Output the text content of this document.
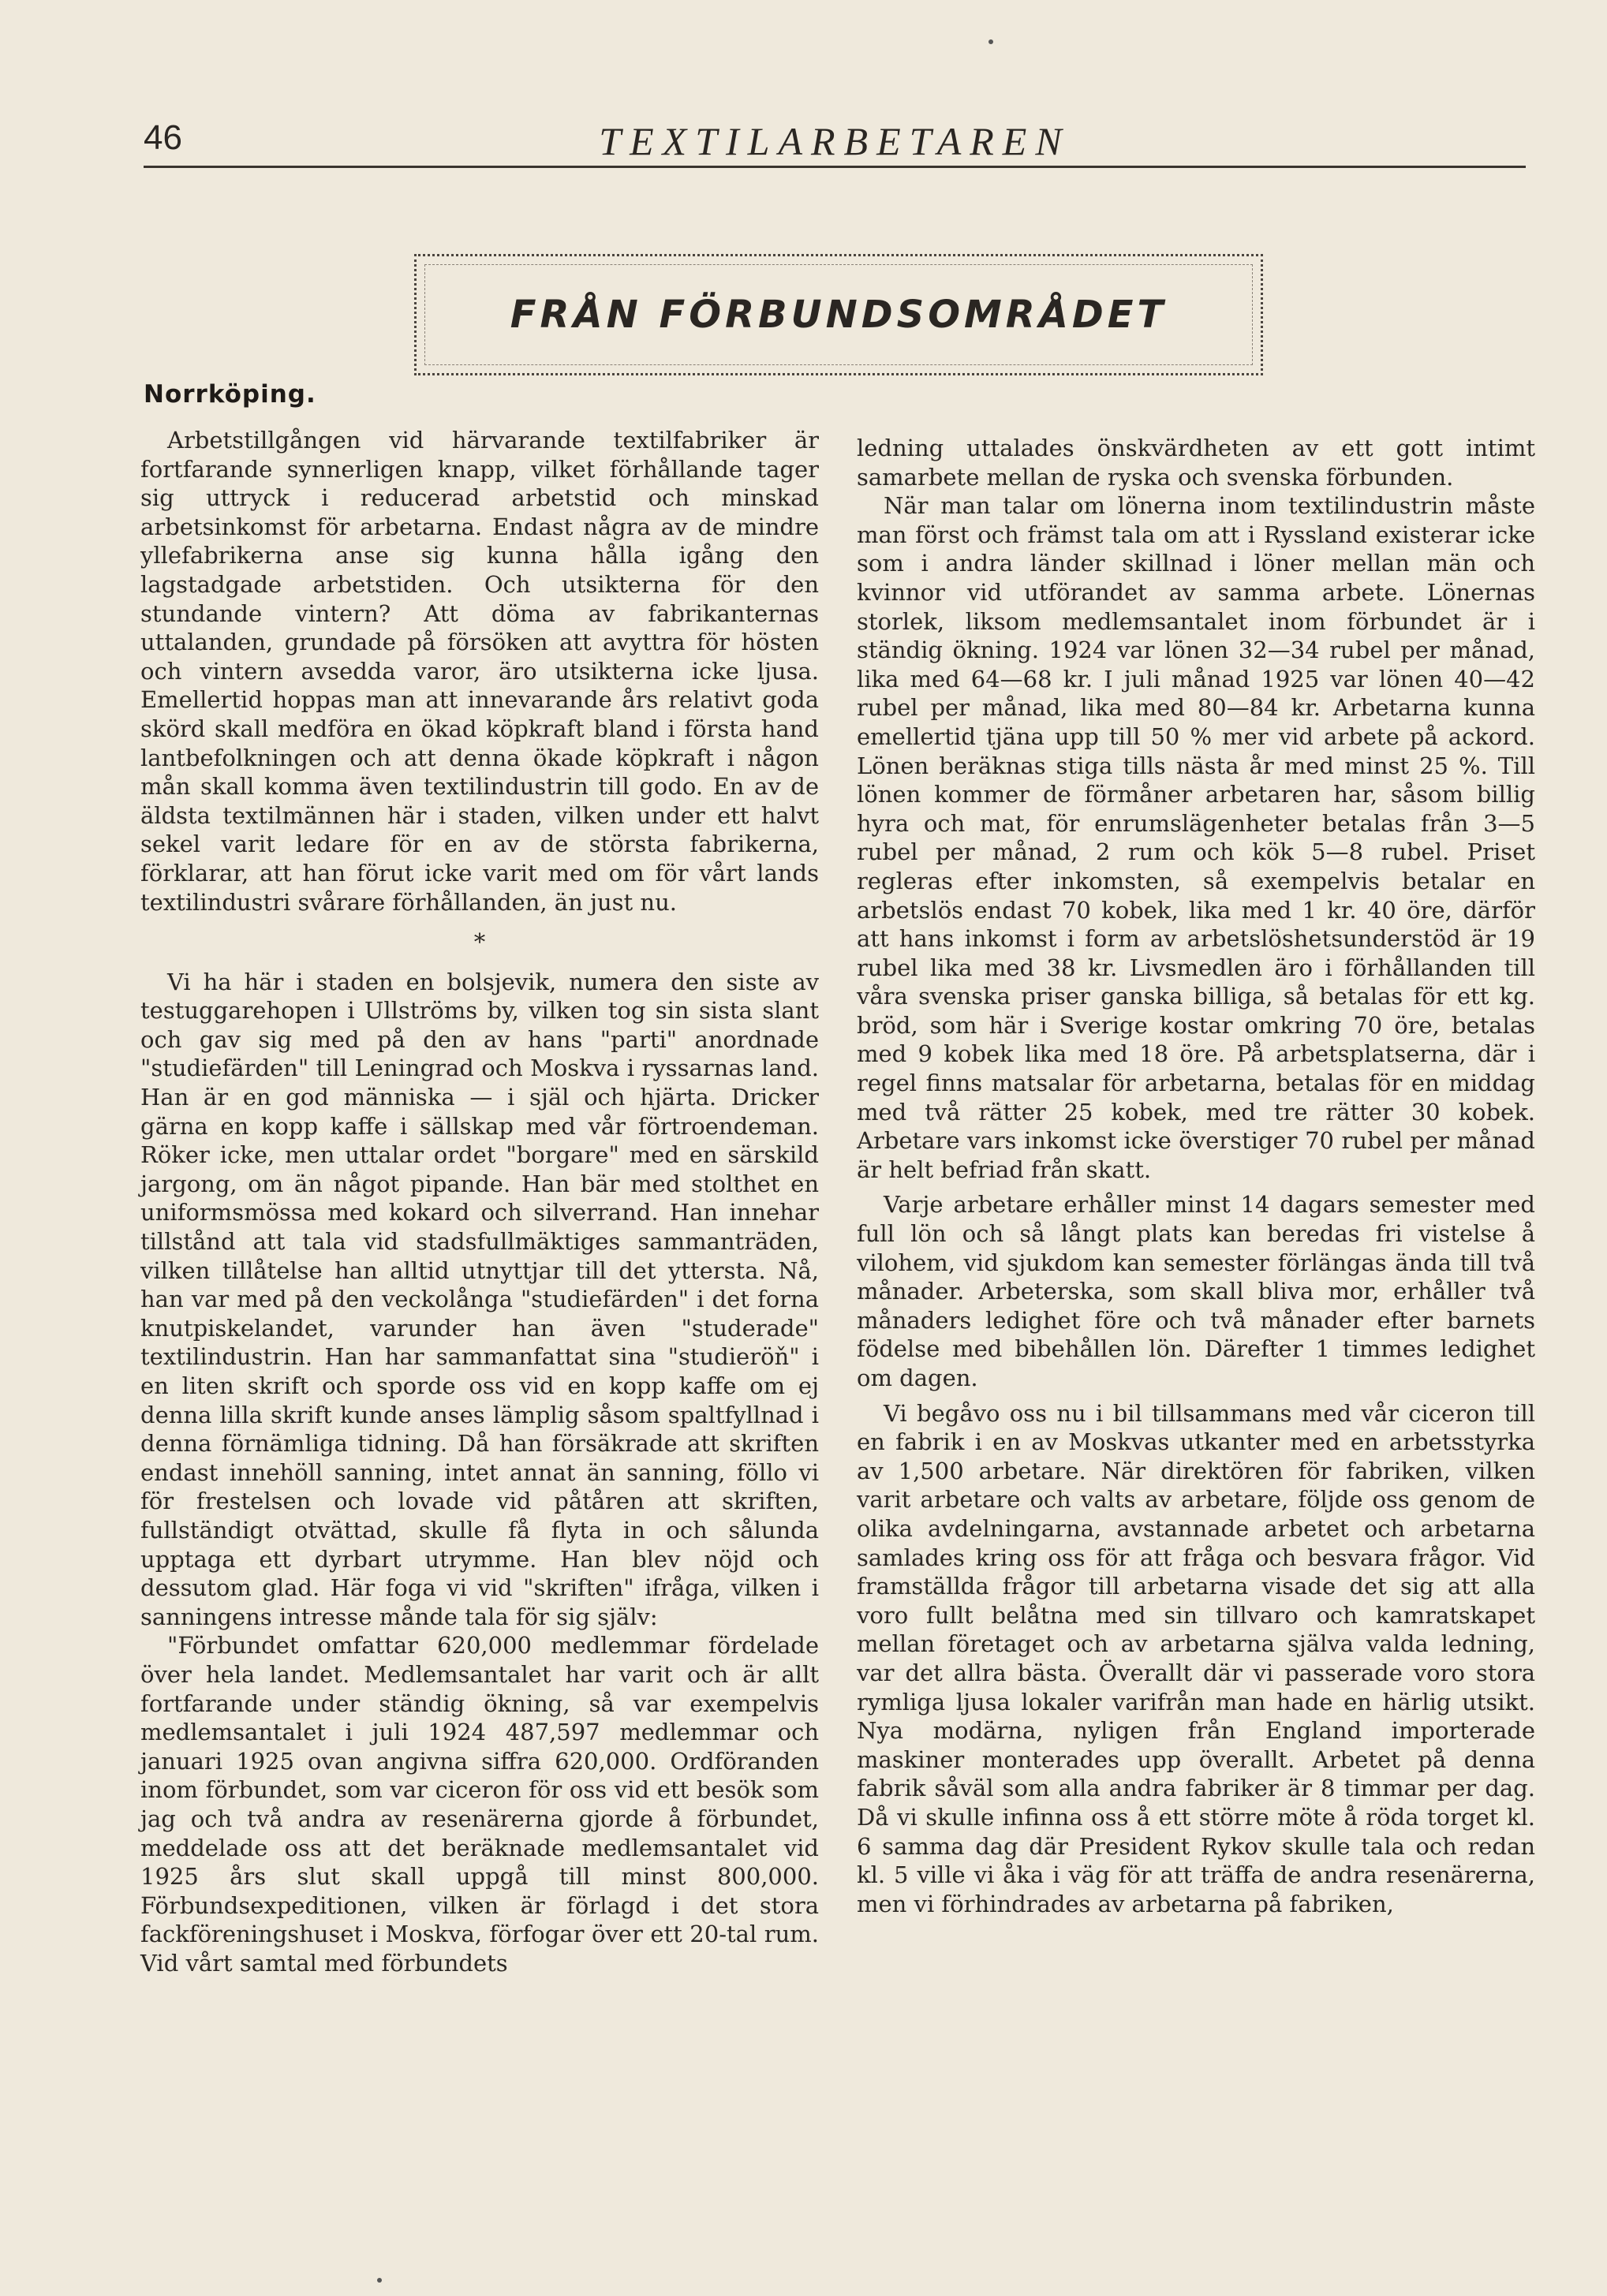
46	TEXTILARBETAREN
FRÅN FÖRBUNDSOMRÅDET
Norrköping.

Arbetstillgången vid härvarande textilfabriker är fortfarande synnerligen knapp, vilket förhållande tager sig uttryck i reducerad arbetstid och minskad arbetsinkomst för arbetarna. Endast några av de mindre yllefabrikerna anse sig kunna hålla igång den lagstadgade arbetstiden. Och utsikterna för den stundande vintern? Att döma av fabrikanternas uttalanden, grundade på försöken att avyttra för hösten och vintern avsedda varor, äro utsikterna icke ljusa. Emellertid hoppas man att innevarande års relativt goda skörd skall medföra en ökad köpkraft bland i första hand lantbefolkningen och att denna ökade köpkraft i någon mån skall komma även textilindustrin till godo. En av de äldsta textilmännen här i staden, vilken under ett halvt sekel varit ledare för en av de största fabrikerna, förklarar, att han förut icke varit med om för vårt lands textilindustri svårare förhållanden, än just nu.

*

Vi ha här i staden en bolsjevik, numera den siste av testuggarehopen i Ullströms by, vilken tog sin sista slant och gav sig med på den av hans "parti" anordnade "studiefärden" till Leningrad och Moskva i ryssarnas land. Han är en god människa — i själ och hjärta. Dricker gärna en kopp kaffe i sällskap med vår förtroendeman. Röker icke, men uttalar ordet "borgare" med en särskild jargong, om än något pipande. Han bär med stolthet en uniformsmössa med kokard och silverrand. Han innehar tillstånd att tala vid stadsfullmäktiges sammanträden, vilken tillåtelse han alltid utnyttjar till det yttersta. Nå, han var med på den veckolånga "studiefärden" i det forna knutpiskelandet, varunder han även "studerade" textilindustrin. Han har sammanfattat sina "studieröň" i en liten skrift och sporde oss vid en kopp kaffe om ej denna lilla skrift kunde anses lämplig såsom spaltfyllnad i denna förnämliga tidning. Då han försäkrade att skriften endast innehöll sanning, intet annat än sanning, föllo vi för frestelsen och lovade vid påtåren att skriften, fullständigt otvättad, skulle få flyta in och sålunda upptaga ett dyrbart utrymme. Han blev nöjd och dessutom glad. Här foga vi vid "skriften" ifråga, vilken i sanningens intresse månde tala för sig själv:

"Förbundet omfattar 620,000 medlemmar fördelade över hela landet. Medlemsantalet har varit och är allt fortfarande under ständig ökning, så var exempelvis medlemsantalet i juli 1924 487,597 medlemmar och januari 1925 ovan angivna siffra 620,000. Ordföranden inom förbundet, som var ciceron för oss vid ett besök som jag och två andra av resenärerna gjorde å förbundet, meddelade oss att det beräknade medlemsantalet vid 1925 års slut skall uppgå till minst 800,000. Förbundsexpeditionen, vilken är förlagd i det stora fackföreningshuset i Moskva, förfogar över ett 20-tal rum. Vid vårt samtal med förbundets

ledning uttalades önskvärdheten av ett gott intimt samarbete mellan de ryska och svenska förbunden.

När man talar om lönerna inom textilindustrin måste man först och främst tala om att i Ryssland existerar icke som i andra länder skillnad i löner mellan män och kvinnor vid utförandet av samma arbete. Lönernas storlek, liksom medlemsantalet inom förbundet är i ständig ökning. 1924 var lönen 32—34 rubel per månad, lika med 64—68 kr. I juli månad 1925 var lönen 40—42 rubel per månad, lika med 80—84 kr. Arbetarna kunna emellertid tjäna upp till 50 % mer vid arbete på ackord. Lönen beräknas stiga tills nästa år med minst 25 %. Till lönen kommer de förmåner arbetaren har, såsom billig hyra och mat, för enrumslägenheter betalas från 3—5 rubel per månad, 2 rum och kök 5—8 rubel. Priset regleras efter inkomsten, så exempelvis betalar en arbetslös endast 70 kobek, lika med 1 kr. 40 öre, därför att hans inkomst i form av arbetslöshetsunderstöd är 19 rubel lika med 38 kr. Livsmedlen äro i förhållanden till våra svenska priser ganska billiga, så betalas för ett kg. bröd, som här i Sverige kostar omkring 70 öre, betalas med 9 kobek lika med 18 öre. På arbetsplatserna, där i regel finns matsalar för arbetarna, betalas för en middag med två rätter 25 kobek, med tre rätter 30 kobek. Arbetare vars inkomst icke överstiger 70 rubel per månad är helt befriad från skatt.

Varje arbetare erhåller minst 14 dagars semester med full lön och så långt plats kan beredas fri vistelse å vilohem, vid sjukdom kan semester förlängas ända till två månader. Arbeterska, som skall bliva mor, erhåller två månaders ledighet före och två månader efter barnets födelse med bibehållen lön. Därefter 1 timmes ledighet om dagen.

Vi begåvo oss nu i bil tillsammans med vår ciceron till en fabrik i en av Moskvas utkanter med en arbetsstyrka av 1,500 arbetare. När direktören för fabriken, vilken varit arbetare och valts av arbetare, följde oss genom de olika avdelningarna, avstannade arbetet och arbetarna samlades kring oss för att fråga och besvara frågor. Vid framställda frågor till arbetarna visade det sig att alla voro fullt belåtna med sin tillvaro och kamratskapet mellan företaget och av arbetarna själva valda ledning, var det allra bästa. Överallt där vi passerade voro stora rymliga ljusa lokaler varifrån man hade en härlig utsikt. Nya modärna, nyligen från England importerade maskiner monterades upp överallt. Arbetet på denna fabrik såväl som alla andra fabriker är 8 timmar per dag. Då vi skulle infinna oss å ett större möte å röda torget kl. 6 samma dag där President Rykov skulle tala och redan kl. 5 ville vi åka i väg för att träffa de andra resenärerna, men vi förhindrades av arbetarna på fabriken,
